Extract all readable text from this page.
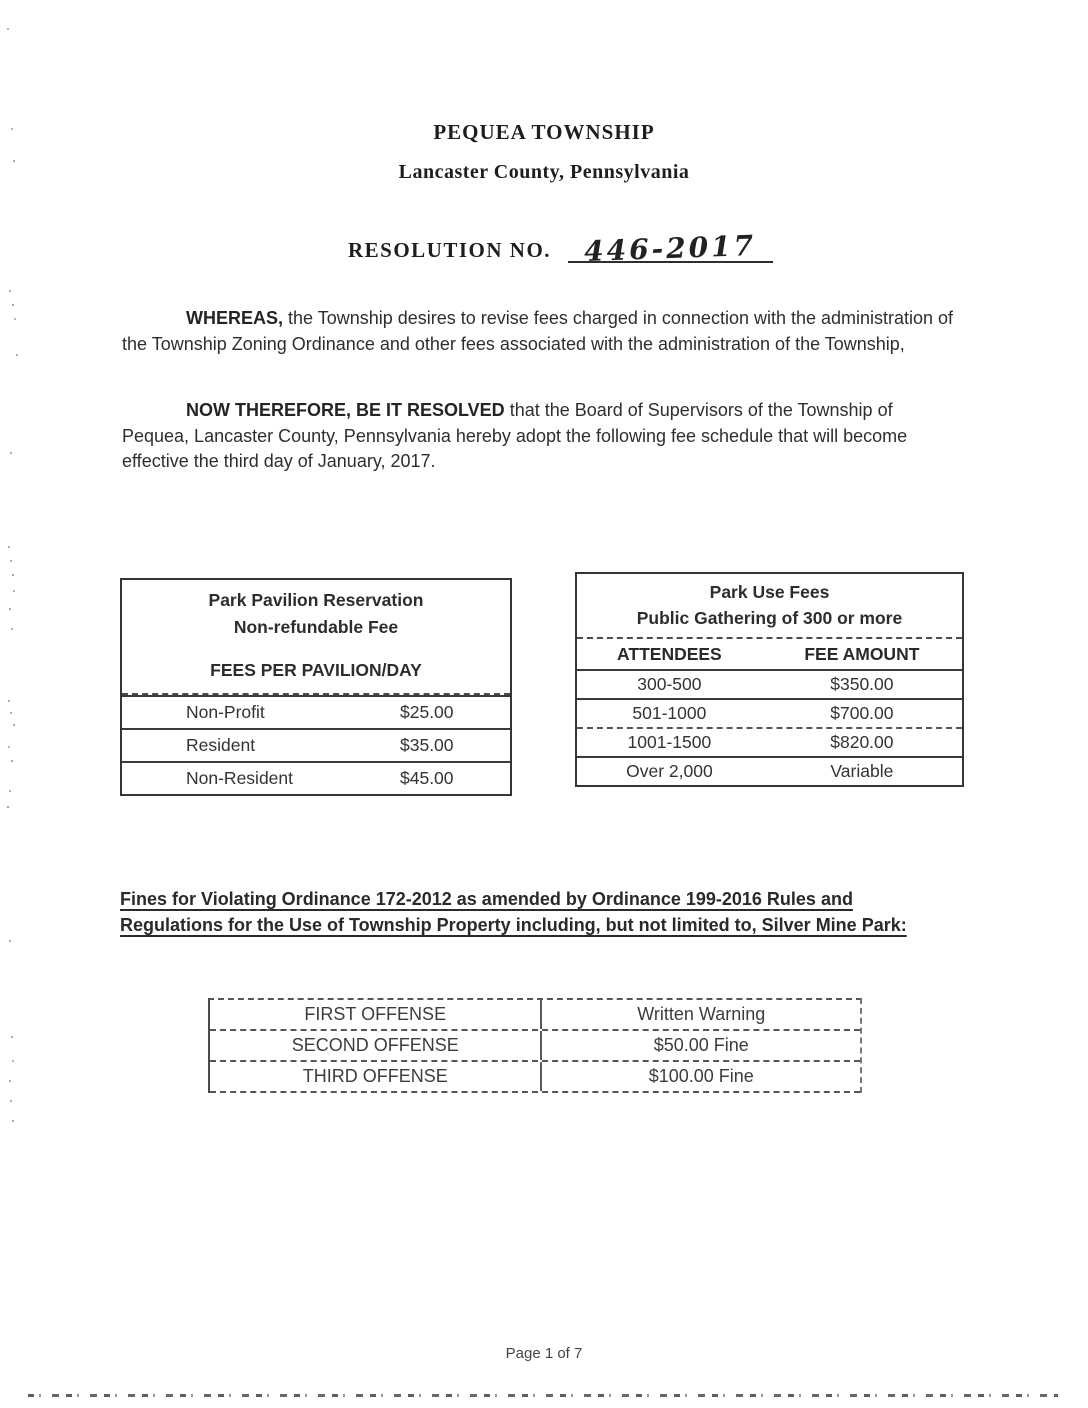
PEQUEA TOWNSHIP
Lancaster County, Pennsylvania
RESOLUTION NO. 446-2017

WHEREAS, the Township desires to revise fees charged in connection with the administration of the Township Zoning Ordinance and other fees associated with the administration of the Township,

NOW THEREFORE, BE IT RESOLVED that the Board of Supervisors of the Township of Pequea, Lancaster County, Pennsylvania hereby adopt the following fee schedule that will become effective the third day of January, 2017.

Park Pavilion Reservation
Non-refundable Fee
FEES PER PAVILION/DAY
Non-Profit	$25.00
Resident	$35.00
Non-Resident	$45.00
Park Use Fees
Public Gathering of 300 or more
ATTENDEES	FEE AMOUNT
300-500	$350.00
501-1000	$700.00
1001-1500	$820.00
Over 2,000	Variable

Fines for Violating Ordinance 172-2012 as amended by Ordinance 199-2016 Rules and Regulations for the Use of Township Property including, but not limited to, Silver Mine Park:

FIRST OFFENSE	Written Warning
SECOND OFFENSE	$50.00 Fine
THIRD OFFENSE	$100.00 Fine

Page 1 of 7
